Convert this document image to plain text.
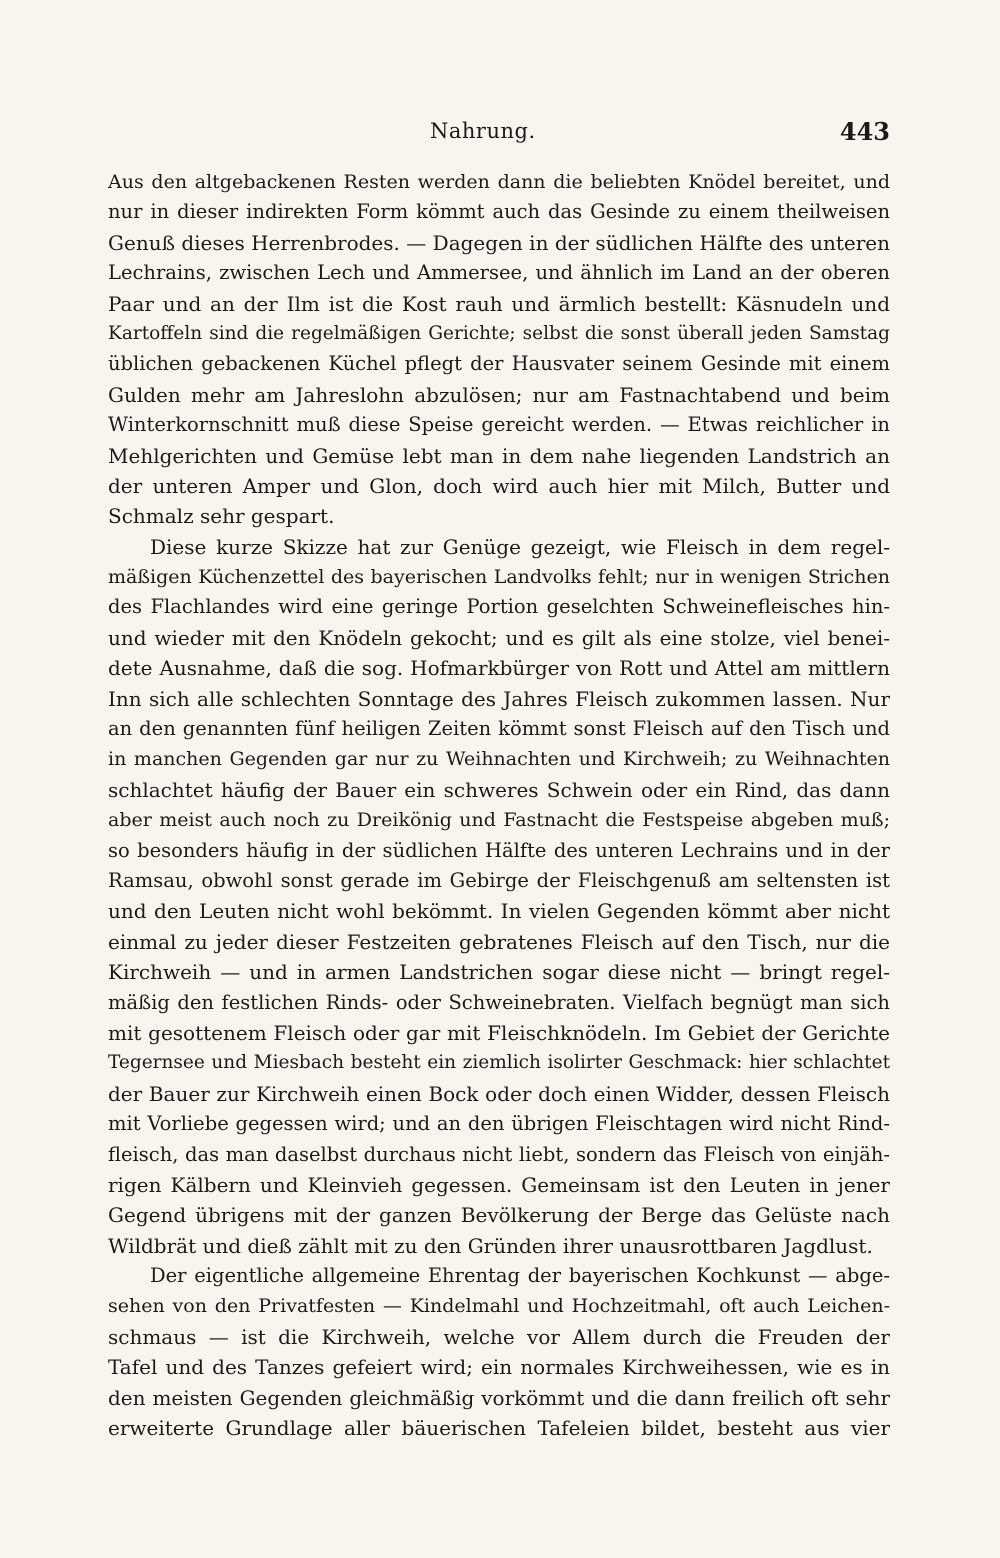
Nahrung.	443
Aus den altgebackenen Resten werden dann die beliebten Knödel bereitet, und
nur in dieser indirekten Form kömmt auch das Gesinde zu einem theilweisen
Genuß dieses Herrenbrodes. — Dagegen in der südlichen Hälfte des unteren
Lechrains, zwischen Lech und Ammersee, und ähnlich im Land an der oberen
Paar und an der Ilm ist die Kost rauh und ärmlich bestellt: Käsnudeln und
Kartoffeln sind die regelmäßigen Gerichte; selbst die sonst überall jeden Samstag
üblichen gebackenen Küchel pflegt der Hausvater seinem Gesinde mit einem
Gulden mehr am Jahreslohn abzulösen; nur am Fastnachtabend und beim
Winterkornschnitt muß diese Speise gereicht werden. — Etwas reichlicher in
Mehlgerichten und Gemüse lebt man in dem nahe liegenden Landstrich an
der unteren Amper und Glon, doch wird auch hier mit Milch, Butter und
Schmalz sehr gespart.
Diese kurze Skizze hat zur Genüge gezeigt, wie Fleisch in dem regel-
mäßigen Küchenzettel des bayerischen Landvolks fehlt; nur in wenigen Strichen
des Flachlandes wird eine geringe Portion geselchten Schweinefleisches hin-
und wieder mit den Knödeln gekocht; und es gilt als eine stolze, viel benei-
dete Ausnahme, daß die sog. Hofmarkbürger von Rott und Attel am mittlern
Inn sich alle schlechten Sonntage des Jahres Fleisch zukommen lassen. Nur
an den genannten fünf heiligen Zeiten kömmt sonst Fleisch auf den Tisch und
in manchen Gegenden gar nur zu Weihnachten und Kirchweih; zu Weihnachten
schlachtet häufig der Bauer ein schweres Schwein oder ein Rind, das dann
aber meist auch noch zu Dreikönig und Fastnacht die Festspeise abgeben muß;
so besonders häufig in der südlichen Hälfte des unteren Lechrains und in der
Ramsau, obwohl sonst gerade im Gebirge der Fleischgenuß am seltensten ist
und den Leuten nicht wohl bekömmt. In vielen Gegenden kömmt aber nicht
einmal zu jeder dieser Festzeiten gebratenes Fleisch auf den Tisch, nur die
Kirchweih — und in armen Landstrichen sogar diese nicht — bringt regel-
mäßig den festlichen Rinds- oder Schweinebraten. Vielfach begnügt man sich
mit gesottenem Fleisch oder gar mit Fleischknödeln. Im Gebiet der Gerichte
Tegernsee und Miesbach besteht ein ziemlich isolirter Geschmack: hier schlachtet
der Bauer zur Kirchweih einen Bock oder doch einen Widder, dessen Fleisch
mit Vorliebe gegessen wird; und an den übrigen Fleischtagen wird nicht Rind-
fleisch, das man daselbst durchaus nicht liebt, sondern das Fleisch von einjäh-
rigen Kälbern und Kleinvieh gegessen. Gemeinsam ist den Leuten in jener
Gegend übrigens mit der ganzen Bevölkerung der Berge das Gelüste nach
Wildbrät und dieß zählt mit zu den Gründen ihrer unausrottbaren Jagdlust.
Der eigentliche allgemeine Ehrentag der bayerischen Kochkunst — abge-
sehen von den Privatfesten — Kindelmahl und Hochzeitmahl, oft auch Leichen-
schmaus — ist die Kirchweih, welche vor Allem durch die Freuden der
Tafel und des Tanzes gefeiert wird; ein normales Kirchweihessen, wie es in
den meisten Gegenden gleichmäßig vorkömmt und die dann freilich oft sehr
erweiterte Grundlage aller bäuerischen Tafeleien bildet, besteht aus vier
